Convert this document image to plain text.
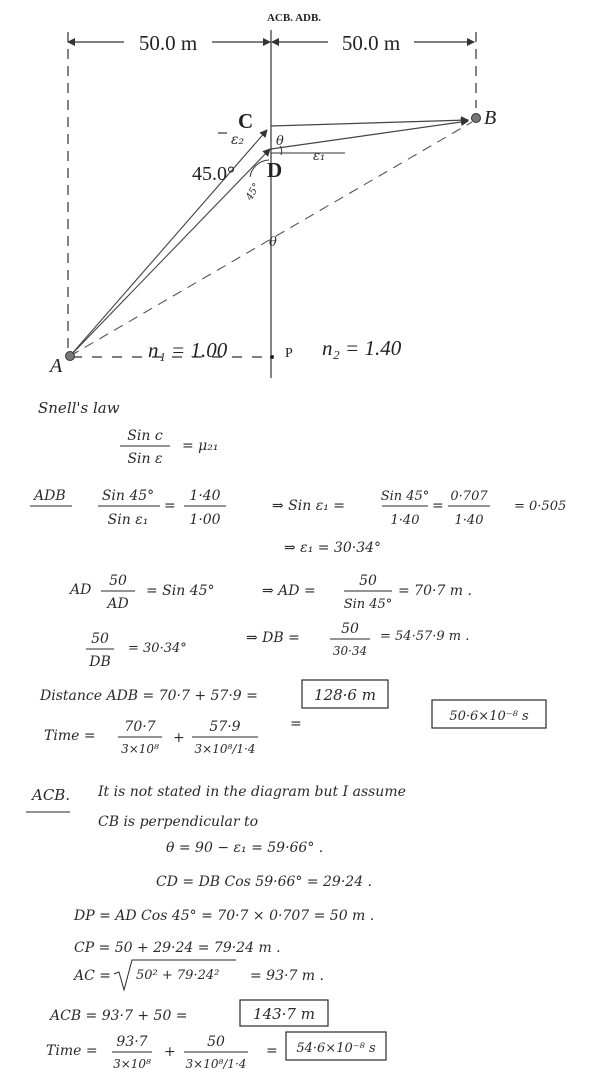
ACB. ADB.
50.0 m	50.0 m
A
B
C
D
P
45.0°
45°
θ
θ
ε₂
ε₁
n₁ = 1.00	n₂ = 1.40
Snell's law
Sin c
Sin ε
= μ₂₁
ADB	Sin 45°
Sin ε₁
=
1·40
1·00
⇒ Sin ε₁ =
Sin 45°
1·40
=
0·707
1·40
= 0·505
⇒ ε₁ = 30·34°
AD
50
AD
= Sin 45°	⇒ AD =
50
Sin 45°
= 70·7 m .
50
DB
= 30·34°
⇒ DB =
50
30·34
= 54·57·9 m .
Distance ADB = 70·7 + 57·9 =	128·6 m
Time =
70·7
3×10⁸
+
57·9
3×10⁸/1·4
=	50·6×10⁻⁸ s
ACB. It is not stated in the diagram but I assume
CB is perpendicular to
θ = 90 − ε₁ = 59·66° .
CD = DB Cos 59·66° = 29·24 .
DP = AD Cos 45° = 70·7 × 0·707 = 50 m .
CP = 50 + 29·24 = 79·24 m .
AC = 50² + 79·24² = 93·7 m .
ACB = 93·7 + 50 =	143·7 m
Time =
93·7
3×10⁸
+
50
3×10⁸/1·4
= 54·6×10⁻⁸ s
